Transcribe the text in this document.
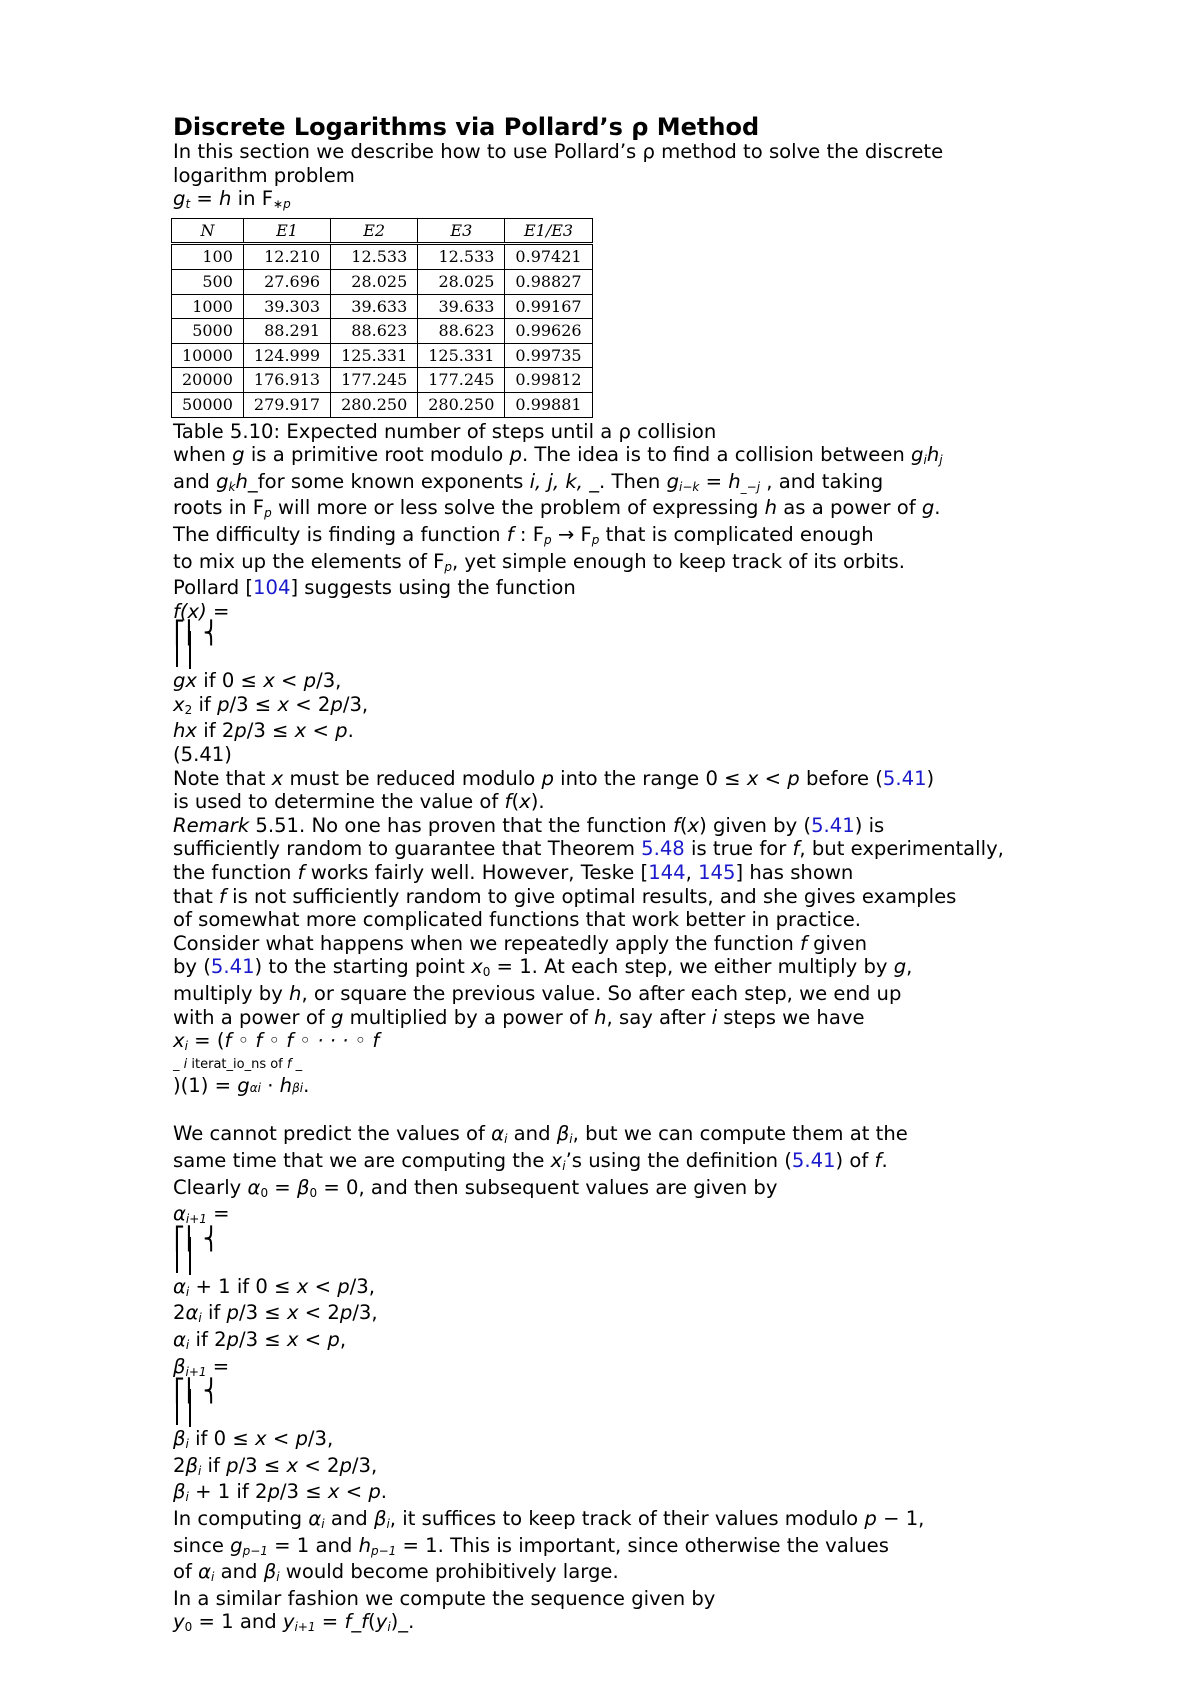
Discrete Logarithms via Pollard’s ρ Method
In this section we describe how to use Pollard’s ρ method to solve the discrete
logarithm problem
gt = h in F∗p
N	E1	E2	E3	E1/E3
100	12.210	12.533	12.533	0.97421
500	27.696	28.025	28.025	0.98827
1000	39.303	39.633	39.633	0.99167
5000	88.291	88.623	88.623	0.99626
10000	124.999	125.331	125.331	0.99735
20000	176.913	177.245	177.245	0.99812
50000	279.917	280.250	280.250	0.99881
Table 5.10: Expected number of steps until a ρ collision
when g is a primitive root modulo p. The idea is to find a collision between gihj
and gkh_for some known exponents i, j, k, _. Then gi−k = h_−j , and taking
roots in Fp will more or less solve the problem of expressing h as a power of g.
The difficulty is finding a function f : Fp → Fp that is complicated enough
to mix up the elements of Fp, yet simple enough to keep track of its orbits.
Pollard [104] suggests using the function
f(x) =
⎡ ⎢ ⎨
gx if 0 ≤ x < p/3,
x2 if p/3 ≤ x < 2p/3,
hx if 2p/3 ≤ x < p.
(5.41)
Note that x must be reduced modulo p into the range 0 ≤ x < p before (5.41)
is used to determine the value of f(x).
Remark 5.51. No one has proven that the function f(x) given by (5.41) is
sufficiently random to guarantee that Theorem 5.48 is true for f, but experimentally,
the function f works fairly well. However, Teske [144, 145] has shown
that f is not sufficiently random to give optimal results, and she gives examples
of somewhat more complicated functions that work better in practice.
Consider what happens when we repeatedly apply the function f given
by (5.41) to the starting point x0 = 1. At each step, we either multiply by g,
multiply by h, or square the previous value. So after each step, we end up
with a power of g multiplied by a power of h, say after i steps we have
xi = (f ◦ f ◦ f ◦ · · · ◦ f
_ i iterat_io_ns of f _
)(1) = gαi · hβi.
We cannot predict the values of αi and βi, but we can compute them at the
same time that we are computing the xi’s using the definition (5.41) of f.
Clearly α0 = β0 = 0, and then subsequent values are given by
αi+1 =
⎡ ⎢ ⎨
αi + 1 if 0 ≤ x < p/3,
2αi if p/3 ≤ x < 2p/3,
αi if 2p/3 ≤ x < p,
βi+1 =
⎡ ⎢ ⎨
βi if 0 ≤ x < p/3,
2βi if p/3 ≤ x < 2p/3,
βi + 1 if 2p/3 ≤ x < p.
In computing αi and βi, it suffices to keep track of their values modulo p − 1,
since gp−1 = 1 and hp−1 = 1. This is important, since otherwise the values
of αi and βi would become prohibitively large.
In a similar fashion we compute the sequence given by
y0 = 1 and yi+1 = f_f(yi)_.
